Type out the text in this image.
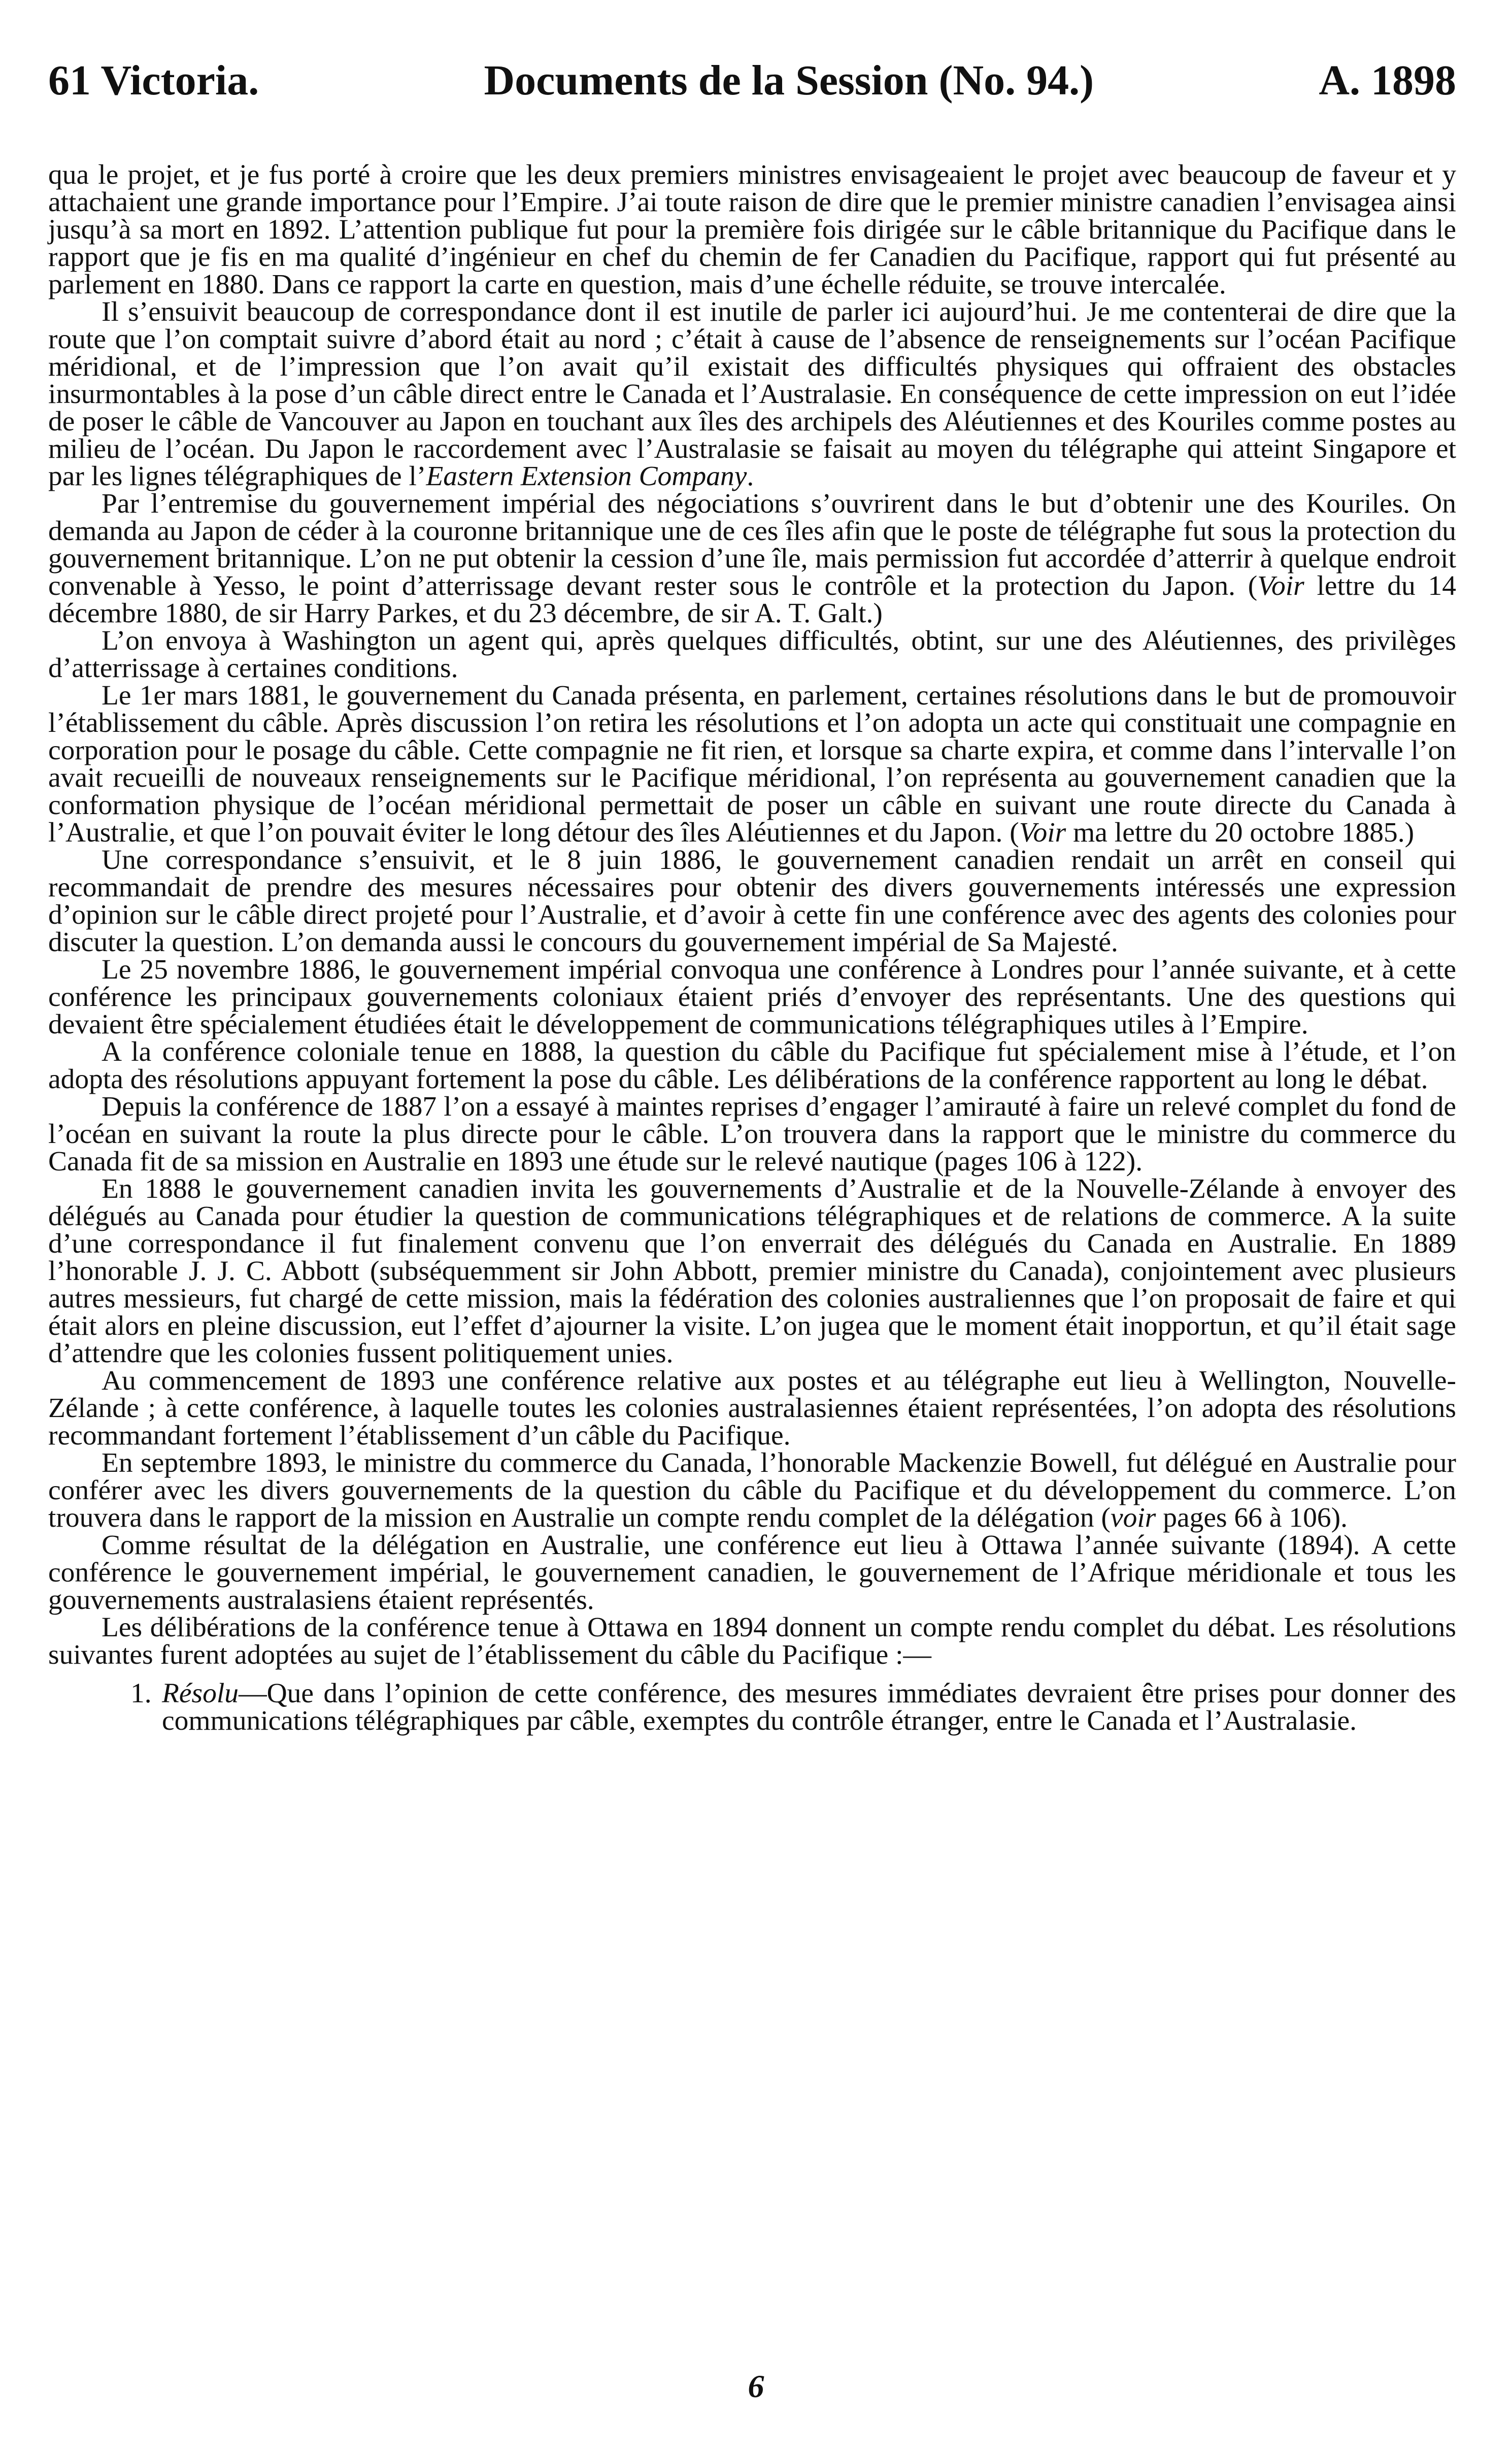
61 Victoria.	Documents de la Session (No. 94.)	A. 1898

qua le projet, et je fus porté à croire que les deux premiers ministres envisageaient le projet avec beaucoup de faveur et y attachaient une grande importance pour l’Empire. J’ai toute raison de dire que le premier ministre canadien l’envisagea ainsi jusqu’à sa mort en 1892. L’attention publique fut pour la première fois dirigée sur le câble britannique du Pacifique dans le rapport que je fis en ma qualité d’ingénieur en chef du chemin de fer Canadien du Pacifique, rapport qui fut présenté au parlement en 1880. Dans ce rapport la carte en question, mais d’une échelle réduite, se trouve intercalée.

Il s’ensuivit beaucoup de correspondance dont il est inutile de parler ici aujourd’hui. Je me contenterai de dire que la route que l’on comptait suivre d’abord était au nord ; c’était à cause de l’absence de renseignements sur l’océan Pacifique méridional, et de l’impression que l’on avait qu’il existait des difficultés physiques qui offraient des obstacles insurmontables à la pose d’un câble direct entre le Canada et l’Australasie. En conséquence de cette impression on eut l’idée de poser le câble de Vancouver au Japon en touchant aux îles des archipels des Aléutiennes et des Kouriles comme postes au milieu de l’océan. Du Japon le raccordement avec l’Australasie se faisait au moyen du télégraphe qui atteint Singapore et par les lignes télégraphiques de l’Eastern Extension Company.

Par l’entremise du gouvernement impérial des négociations s’ouvrirent dans le but d’obtenir une des Kouriles. On demanda au Japon de céder à la couronne britannique une de ces îles afin que le poste de télégraphe fut sous la protection du gouvernement britannique. L’on ne put obtenir la cession d’une île, mais permission fut accordée d’atterrir à quelque endroit convenable à Yesso, le point d’atterrissage devant rester sous le contrôle et la protection du Japon. (Voir lettre du 14 décembre 1880, de sir Harry Parkes, et du 23 décembre, de sir A. T. Galt.)

L’on envoya à Washington un agent qui, après quelques difficultés, obtint, sur une des Aléutiennes, des privilèges d’atterrissage à certaines conditions.

Le 1er mars 1881, le gouvernement du Canada présenta, en parlement, certaines résolutions dans le but de promouvoir l’établissement du câble. Après discussion l’on retira les résolutions et l’on adopta un acte qui constituait une compagnie en corporation pour le posage du câble. Cette compagnie ne fit rien, et lorsque sa charte expira, et comme dans l’intervalle l’on avait recueilli de nouveaux renseignements sur le Pacifique méridional, l’on représenta au gouvernement canadien que la conformation physique de l’océan méridional permettait de poser un câble en suivant une route directe du Canada à l’Australie, et que l’on pouvait éviter le long détour des îles Aléutiennes et du Japon. (Voir ma lettre du 20 octobre 1885.)

Une correspondance s’ensuivit, et le 8 juin 1886, le gouvernement canadien rendait un arrêt en conseil qui recommandait de prendre des mesures nécessaires pour obtenir des divers gouvernements intéressés une expression d’opinion sur le câble direct projeté pour l’Australie, et d’avoir à cette fin une conférence avec des agents des colonies pour discuter la question. L’on demanda aussi le concours du gouvernement impérial de Sa Majesté.

Le 25 novembre 1886, le gouvernement impérial convoqua une conférence à Londres pour l’année suivante, et à cette conférence les principaux gouvernements coloniaux étaient priés d’envoyer des représentants. Une des questions qui devaient être spécialement étudiées était le développement de communications télégraphiques utiles à l’Empire.

A la conférence coloniale tenue en 1888, la question du câble du Pacifique fut spécialement mise à l’étude, et l’on adopta des résolutions appuyant fortement la pose du câble. Les délibérations de la conférence rapportent au long le débat.

Depuis la conférence de 1887 l’on a essayé à maintes reprises d’engager l’amirauté à faire un relevé complet du fond de l’océan en suivant la route la plus directe pour le câble. L’on trouvera dans la rapport que le ministre du commerce du Canada fit de sa mission en Australie en 1893 une étude sur le relevé nautique (pages 106 à 122).

En 1888 le gouvernement canadien invita les gouvernements d’Australie et de la Nouvelle-Zélande à envoyer des délégués au Canada pour étudier la question de communications télégraphiques et de relations de commerce. A la suite d’une correspondance il fut finalement convenu que l’on enverrait des délégués du Canada en Australie. En 1889 l’honorable J. J. C. Abbott (subséquemment sir John Abbott, premier ministre du Canada), conjointement avec plusieurs autres messieurs, fut chargé de cette mission, mais la fédération des colonies australiennes que l’on proposait de faire et qui était alors en pleine discussion, eut l’effet d’ajourner la visite. L’on jugea que le moment était inopportun, et qu’il était sage d’attendre que les colonies fussent politiquement unies.

Au commencement de 1893 une conférence relative aux postes et au télégraphe eut lieu à Wellington, Nouvelle-Zélande ; à cette conférence, à laquelle toutes les colonies australasiennes étaient représentées, l’on adopta des résolutions recommandant fortement l’établissement d’un câble du Pacifique.

En septembre 1893, le ministre du commerce du Canada, l’honorable Mackenzie Bowell, fut délégué en Australie pour conférer avec les divers gouvernements de la question du câble du Pacifique et du développement du commerce. L’on trouvera dans le rapport de la mission en Australie un compte rendu complet de la délégation (voir pages 66 à 106).

Comme résultat de la délégation en Australie, une conférence eut lieu à Ottawa l’année suivante (1894). A cette conférence le gouvernement impérial, le gouvernement canadien, le gouvernement de l’Afrique méridionale et tous les gouvernements australasiens étaient représentés.

Les délibérations de la conférence tenue à Ottawa en 1894 donnent un compte rendu complet du débat. Les résolutions suivantes furent adoptées au sujet de l’établissement du câble du Pacifique :—

1. Résolu—Que dans l’opinion de cette conférence, des mesures immédiates devraient être prises pour donner des communications télégraphiques par câble, exemptes du contrôle étranger, entre le Canada et l’Australasie.

6
